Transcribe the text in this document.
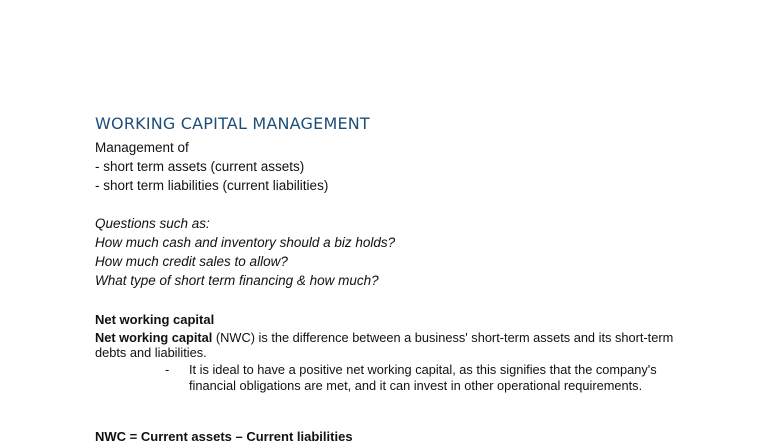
WORKING CAPITAL MANAGEMENT
Management of
- short term assets (current assets)
- short term liabilities (current liabilities)
Questions such as:
How much cash and inventory should a biz holds?
How much credit sales to allow?
What type of short term financing & how much?
Net working capital

Net working capital (NWC) is the difference between a business' short-term assets and its short-term debts and liabilities.

- It is ideal to have a positive net working capital, as this signifies that the company's financial obligations are met, and it can invest in other operational requirements.

NWC = Current assets – Current liabilities
